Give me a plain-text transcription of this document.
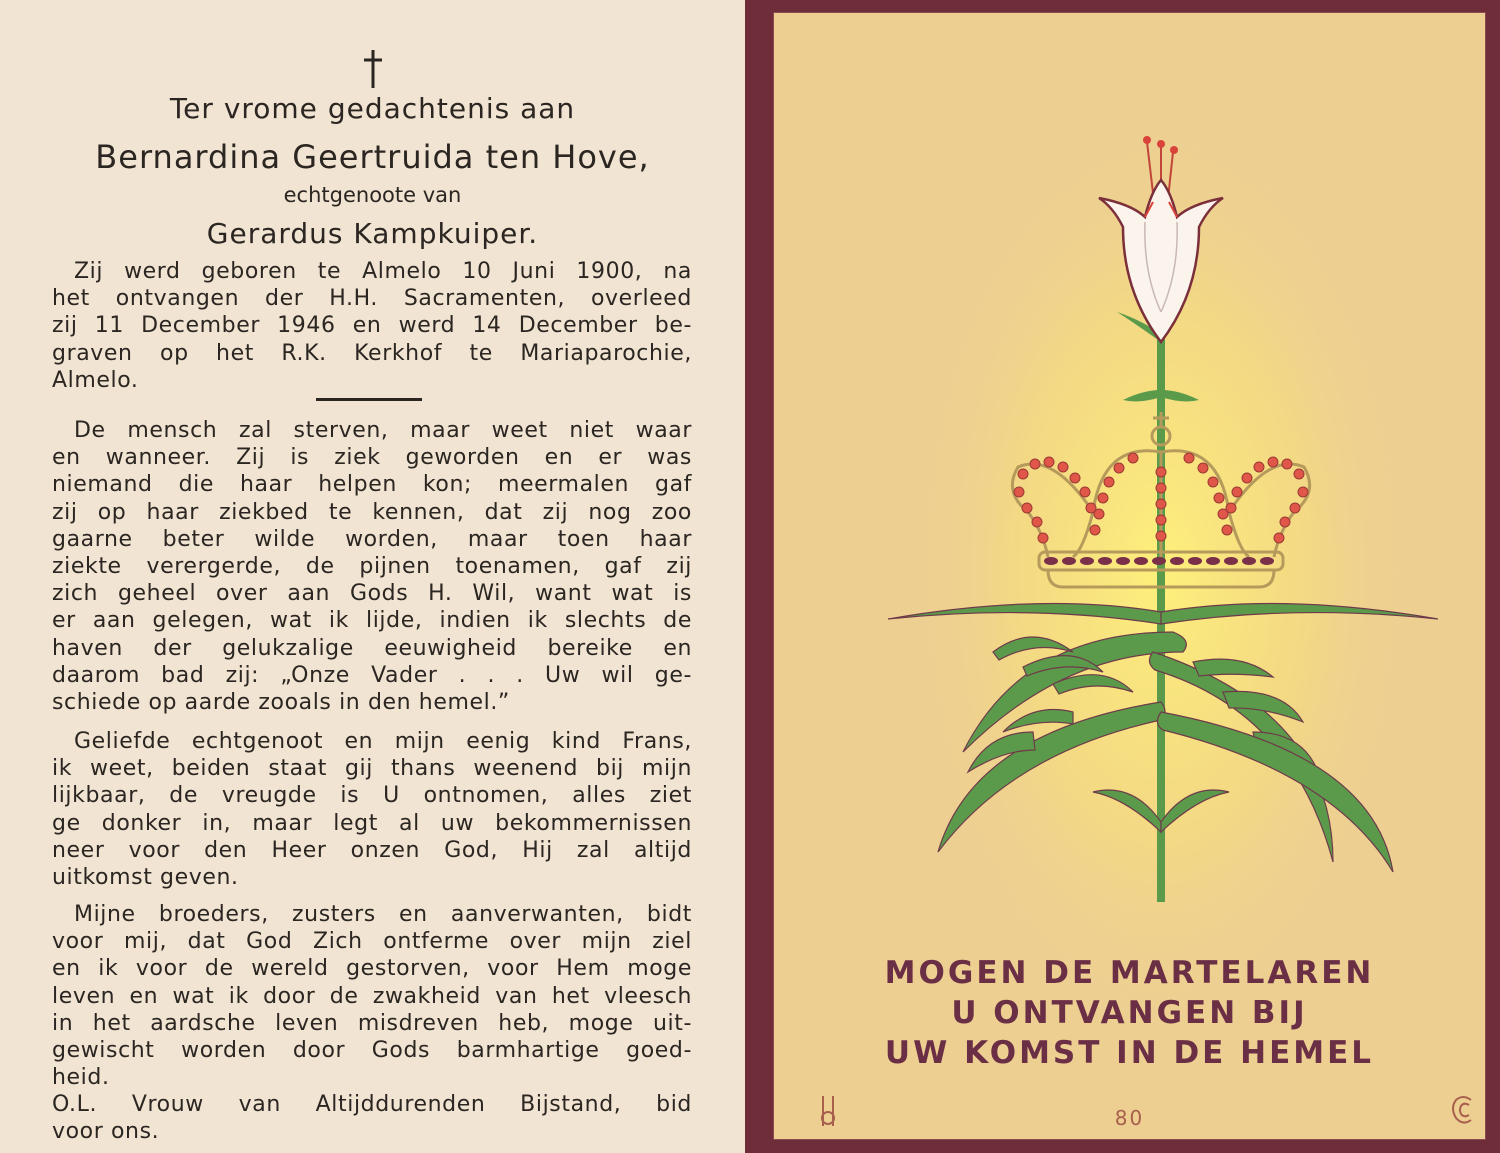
Ter vrome gedachtenis aan
Bernardina Geertruida ten Hove,
echtgenoote van
Gerardus Kampkuiper.
Zij werd geboren te Almelo 10 Juni 1900, na
het ontvangen der H.H. Sacramenten, overleed
zij 11 December 1946 en werd 14 December be-
graven op het R.K. Kerkhof te Mariaparochie,
Almelo.
De mensch zal sterven, maar weet niet waar
en wanneer. Zij is ziek geworden en er was
niemand die haar helpen kon; meermalen gaf
zij op haar ziekbed te kennen, dat zij nog zoo
gaarne beter wilde worden, maar toen haar
ziekte verergerde, de pijnen toenamen, gaf zij
zich geheel over aan Gods H. Wil, want wat is
er aan gelegen, wat ik lijde, indien ik slechts de
haven der gelukzalige eeuwigheid bereike en
daarom bad zij: „Onze Vader . . . Uw wil ge-
schiede op aarde zooals in den hemel.”
Geliefde echtgenoot en mijn eenig kind Frans,
ik weet, beiden staat gij thans weenend bij mijn
lijkbaar, de vreugde is U ontnomen, alles ziet
ge donker in, maar legt al uw bekommernissen
neer voor den Heer onzen God, Hij zal altijd
uitkomst geven.
Mijne broeders, zusters en aanverwanten, bidt
voor mij, dat God Zich ontferme over mijn ziel
en ik voor de wereld gestorven, voor Hem moge
leven en wat ik door de zwakheid van het vleesch
in het aardsche leven misdreven heb, moge uit-
gewischt worden door Gods barmhartige goed-
heid.
O.L. Vrouw van Altijddurenden Bijstand, bid
voor ons.
MOGEN DE MARTELAREN
U ONTVANGEN BIJ
UW KOMST IN DE HEMEL
80
